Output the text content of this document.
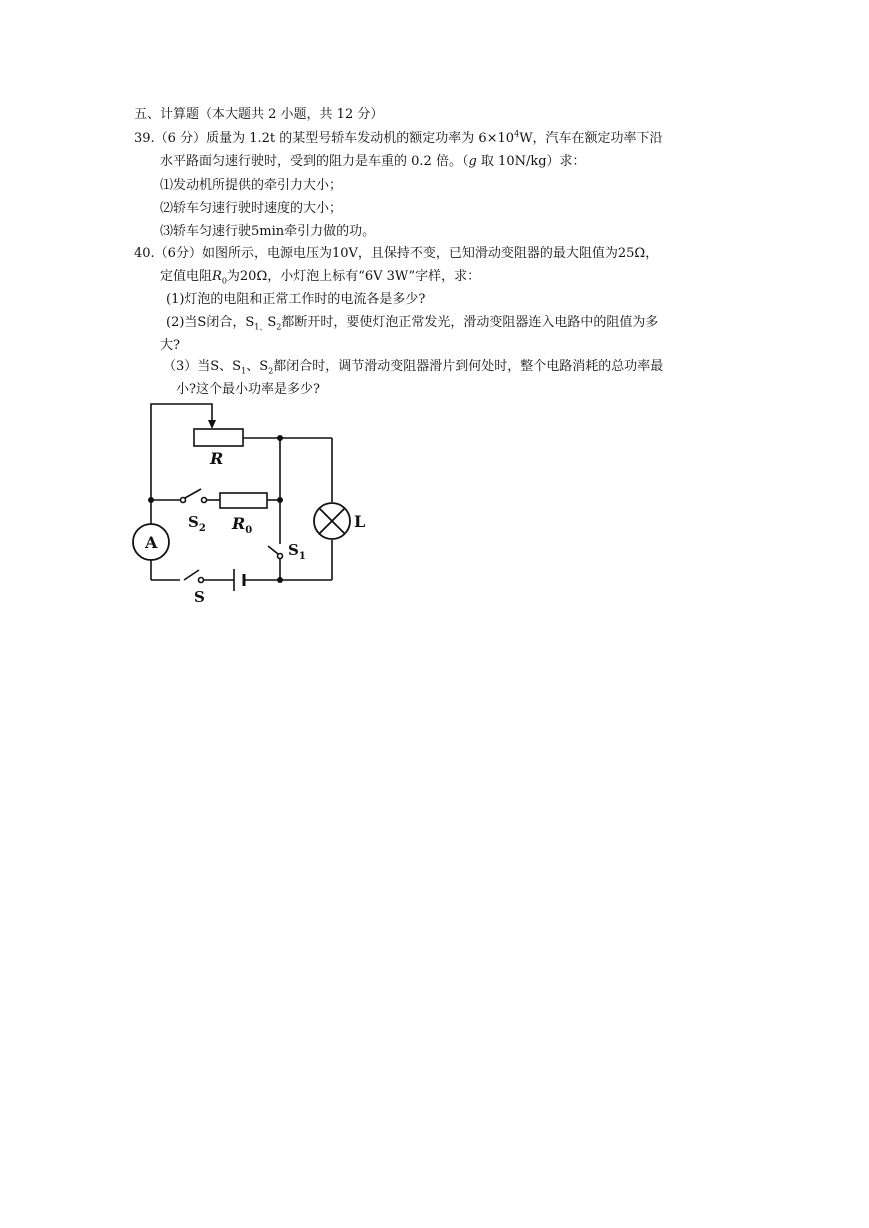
五、计算题（本大题共 2 小题，共 12 分）
39.（6 分）质量为 1.2t 的某型号轿车发动机的额定功率为 $6\times 10^4W$，汽车在额定功率下沿
水平路面匀速行驶时，受到的阻力是车重的 0.2 倍。（g 取 10N/kg）求：
⑴发动机所提供的牵引力大小；
⑵轿车匀速行驶时速度的大小；
⑶轿车匀速行驶5min牵引力做的功。
40.（6分）如图所示，电源电压为10V，且保持不变，已知滑动变阻器的最大阻值为25Ω，
定值电阻$R_0$为20Ω，小灯泡上标有“6V 3W”字样，求：
(1)灯泡的电阻和正常工作时的电流各是多少?
(2)当S闭合，$S_{1、}S_2$都断开时，要使灯泡正常发光，滑动变阻器连入电路中的阻值为多
大?
（3）当S、$S_1$、$S_2$都闭合时，调节滑动变阻器滑片到何处时，整个电路消耗的总功率最
小?这个最小功率是多少?
R
$R_0$
$S_2$
$S_1$
S
A
L
